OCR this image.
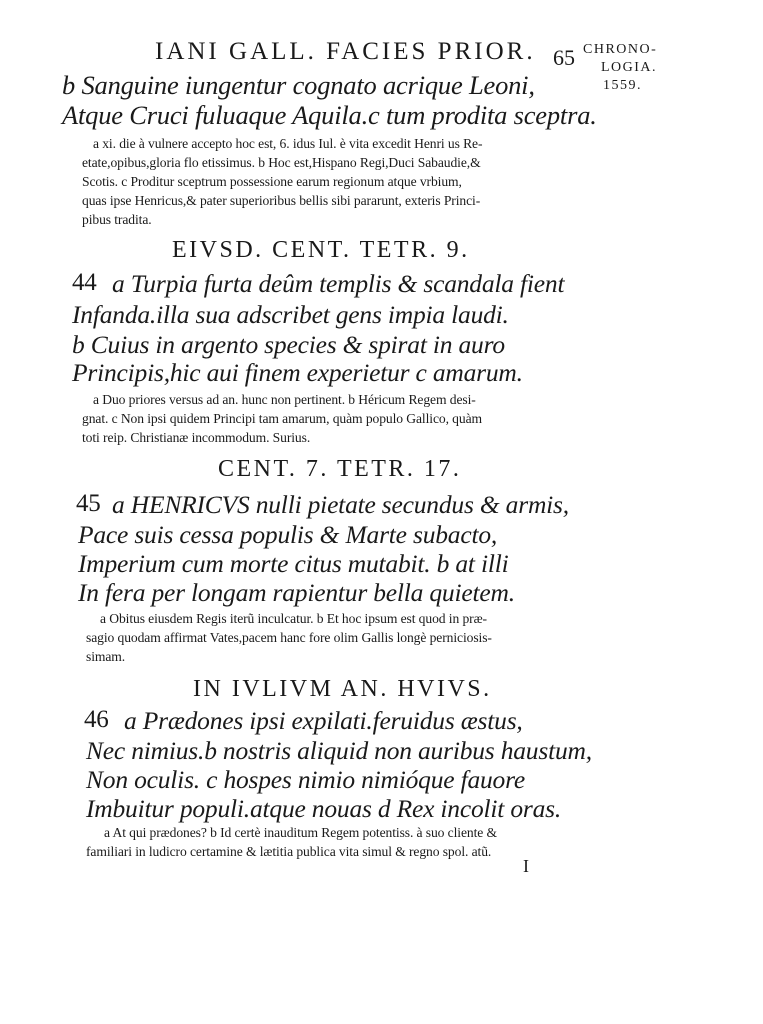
IANI GALL. FACIES PRIOR. 65 CHRONO-
LOGIA.
1559.
b Sanguine iungentur cognato acrique Leoni,
Atque Cruci fuluaque Aquila.c tum prodita sceptra.
a xi. die à vulnere accepto hoc est, 6. idus Iul. è vita excedit Henri us Re-
etate,opibus,gloria flo etissimus. b Hoc est,Hispano Regi,Duci Sabaudie,&
Scotis. c Proditur sceptrum possessione earum regionum atque vrbium,
quas ipse Henricus,& pater superioribus bellis sibi pararunt, exteris Princi-
pibus tradita.
EIVSD. CENT. TETR. 9.
44 a Turpia furta deûm templis & scandala fient
Infanda.illa sua adscribet gens impia laudi.
b Cuius in argento species & spirat in auro
Principis,hic aui finem experietur c amarum.
a Duo priores versus ad an. hunc non pertinent. b Héricum Regem desi-
gnat. c Non ipsi quidem Principi tam amarum, quàm populo Gallico, quàm
toti reip. Christianæ incommodum. Surius.
CENT. 7. TETR. 17.
45 a HENRICVS nulli pietate secundus & armis,
Pace suis cessa populis & Marte subacto,
Imperium cum morte citus mutabit. b at illi
In fera per longam rapientur bella quietem.
a Obitus eiusdem Regis iterũ inculcatur. b Et hoc ipsum est quod in præ-
sagio quodam affirmat Vates,pacem hanc fore olim Gallis longè perniciosis-
simam.
IN IVLIVM AN. HVIVS.
46 a Prædones ipsi expilati.feruidus æstus,
Nec nimius.b nostris aliquid non auribus haustum,
Non oculis. c hospes nimio nimióque fauore
Imbuitur populi.atque nouas d Rex incolit oras.
a At qui prædones? b Id certè inauditum Regem potentiss. à suo cliente &
familiari in ludicro certamine & lætitia publica vita simul & regno spol. atũ.
I
